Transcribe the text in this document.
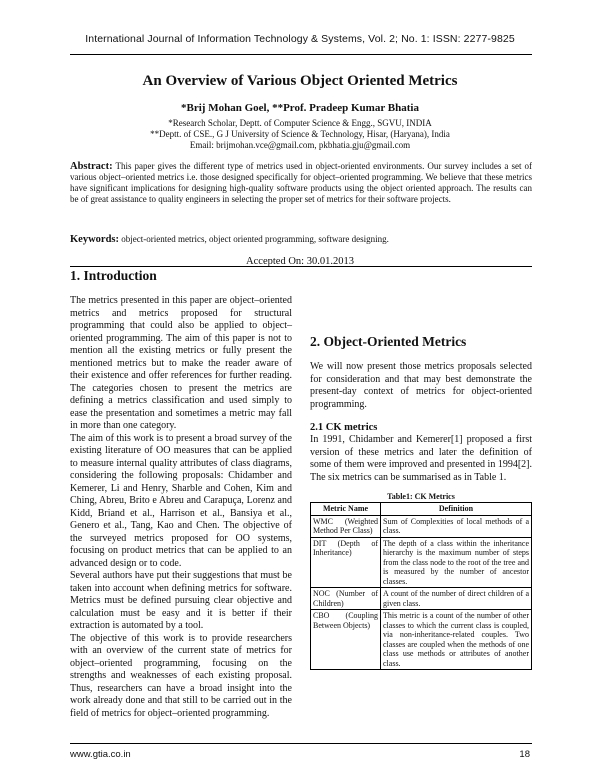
International Journal of Information Technology & Systems, Vol. 2; No. 1: ISSN: 2277-9825
An Overview of Various Object Oriented Metrics
*Brij Mohan Goel, **Prof. Pradeep Kumar Bhatia
*Research Scholar, Deptt. of Computer Science & Engg., SGVU, INDIA
**Deptt. of CSE., G J University of Science & Technology, Hisar, (Haryana), India
Email: brijmohan.vce@gmail.com, pkbhatia.gju@gmail.com
Abstract: This paper gives the different type of metrics used in object-oriented environments. Our survey includes a set of various object–oriented metrics i.e. those designed specifically for object–oriented programming. We believe that these metrics have significant implications for designing high-quality software products using the object oriented approach. The results can be of great assistance to quality engineers in selecting the proper set of metrics for their software projects.
Keywords: object-oriented metrics, object oriented programming, software designing.
Accepted On: 30.01.2013

1. Introduction

The metrics presented in this paper are object–oriented metrics and metrics proposed for structural programming that could also be applied to object–oriented programming. The aim of this paper is not to mention all the existing metrics or fully present the mentioned metrics but to make the reader aware of their existence and offer references for further reading. The categories chosen to present the metrics are defining a metrics classification and used simply to ease the presentation and sometimes a metric may fall in more than one category.

The aim of this work is to present a broad survey of the existing literature of OO measures that can be applied to measure internal quality attributes of class diagrams, considering the following proposals: Chidamber and Kemerer, Li and Henry, Sharble and Cohen, Kim and Ching, Abreu, Brito e Abreu and Carapuça, Lorenz and Kidd, Briand et al., Harrison et al., Bansiya et al., Genero et al., Tang, Kao and Chen. The objective of the surveyed metrics proposed for OO systems, focusing on product metrics that can be applied to an advanced design or to code.

Several authors have put their suggestions that must be taken into account when defining metrics for software. Metrics must be defined pursuing clear objective and calculation must be easy and it is better if their extraction is automated by a tool.

The objective of this work is to provide researchers with an overview of the current state of metrics for object–oriented programming, focusing on the strengths and weaknesses of each existing proposal. Thus, researchers can have a broad insight into the work already done and that still to be carried out in the field of metrics for object–oriented programming.

2. Object-Oriented Metrics

We will now present those metrics proposals selected for consideration and that may best demonstrate the present-day context of metrics for object-oriented programming.

2.1 CK metrics

In 1991, Chidamber and Kemerer[1] proposed a first version of these metrics and later the definition of some of them were improved and presented in 1994[2]. The six metrics can be summarised as in Table 1.

Table1: CK Metrics
Metric Name	Definition
WMC (Weighted Method Per Class)	Sum of Complexities of local methods of a class.
DIT (Depth of Inheritance)	The depth of a class within the inheritance hierarchy is the maximum number of steps from the class node to the root of the tree and is measured by the number of ancestor classes.
NOC (Number of Children)	A count of the number of direct children of a given class.
CBO (Coupling Between Objects)	This metric is a count of the number of other classes to which the current class is coupled, via non-inheritance-related couples. Two classes are coupled when the methods of one class use methods or attributes of another class.
www.gtia.co.in	18
